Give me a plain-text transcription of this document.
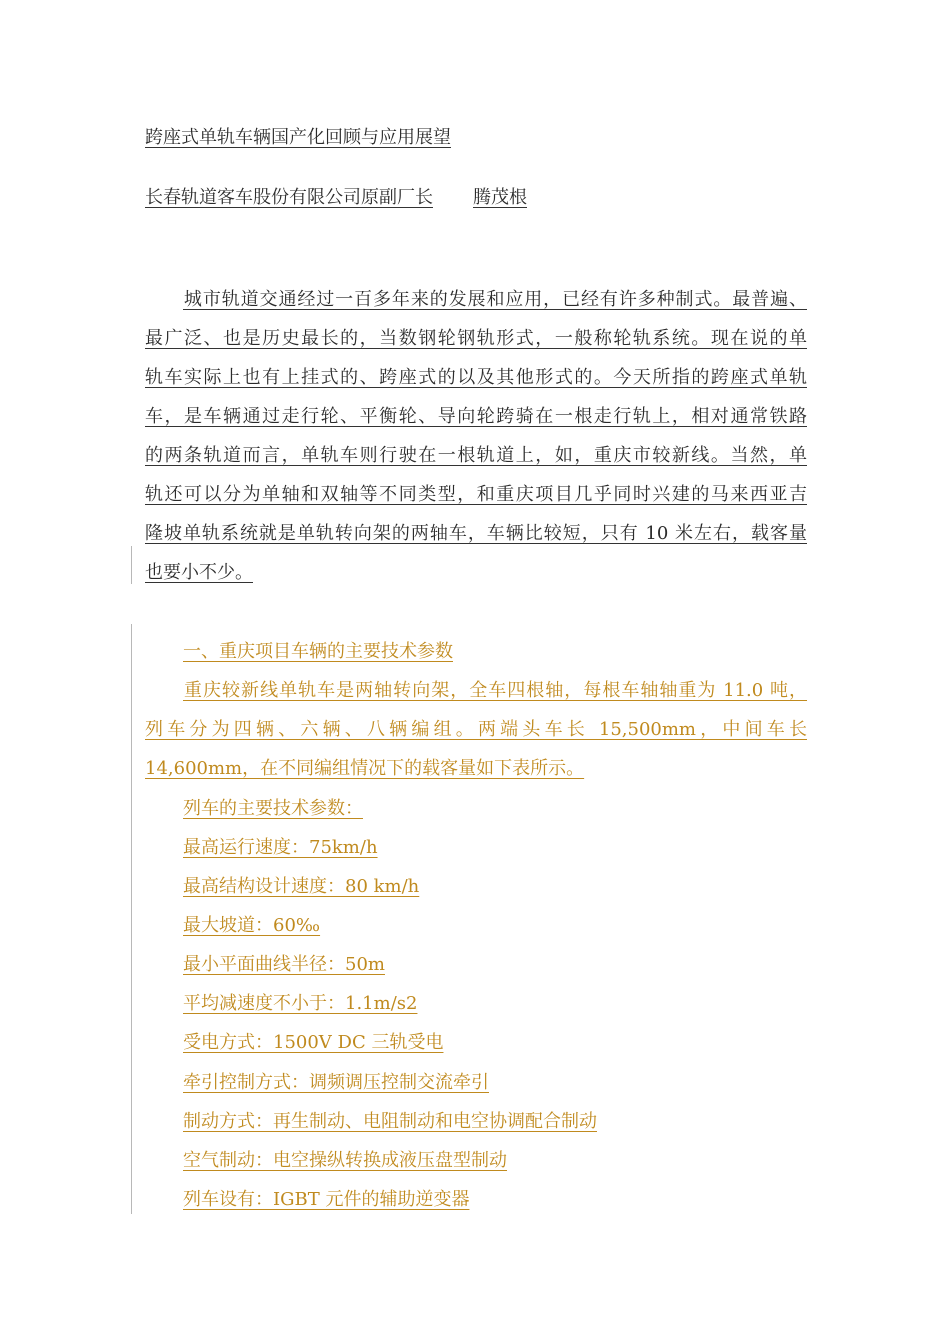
跨座式单轨车辆国产化回顾与应用展望
长春轨道客车股份有限公司原副厂长 腾茂根
城市轨道交通经过一百多年来的发展和应用，已经有许多种制式。最普遍、
最广泛、也是历史最长的，当数钢轮钢轨形式，一般称轮轨系统。现在说的单
轨车实际上也有上挂式的、跨座式的以及其他形式的。今天所指的跨座式单轨
车，是车辆通过走行轮、平衡轮、导向轮跨骑在一根走行轨上，相对通常铁路
的两条轨道而言，单轨车则行驶在一根轨道上，如，重庆市较新线。当然，单
轨还可以分为单轴和双轴等不同类型，和重庆项目几乎同时兴建的马来西亚吉
隆坡单轨系统就是单轨转向架的两轴车，车辆比较短，只有 10 米左右，载客量
也要小不少。
一、重庆项目车辆的主要技术参数
重庆较新线单轨车是两轴转向架，全车四根轴，每根车轴轴重为 11.0 吨，
列车分为四辆、六辆、八辆编组。两端头车长 15,500mm，中间车长
14,600mm，在不同编组情况下的载客量如下表所示。
列车的主要技术参数：
最高运行速度：75km/h
最高结构设计速度：80 km/h
最大坡道：60‰
最小平面曲线半径：50m
平均减速度不小于：1.1m/s2
受电方式：1500V DC 三轨受电
牵引控制方式：调频调压控制交流牵引
制动方式：再生制动、电阻制动和电空协调配合制动
空气制动：电空操纵转换成液压盘型制动
列车设有：IGBT 元件的辅助逆变器
